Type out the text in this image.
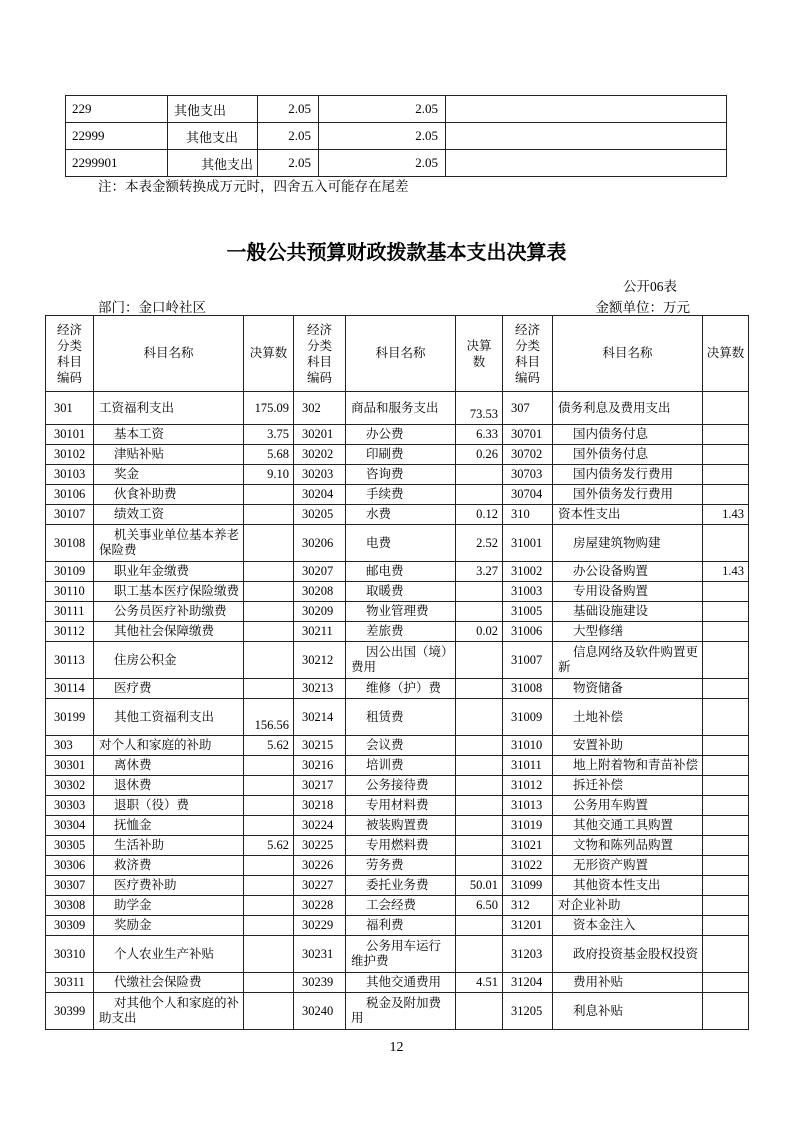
229	其他支出	2.05	2.05	
22999	其他支出	2.05	2.05	
2299901	其他支出	2.05	2.05	
注：本表金额转换成万元时，四舍五入可能存在尾差
一般公共预算财政拨款基本支出决算表
公开06表
部门：金口岭社区	金额单位：万元
经济分类科目编码	科目名称	决算数	经济分类科目编码	科目名称	决算数	经济分类科目编码	科目名称	决算数
301	工资福利支出	175.09	302	商品和服务支出	73.53	307	债务利息及费用支出	
30101	基本工资	3.75	30201	办公费	6.33	30701	国内债务付息	
30102	津贴补贴	5.68	30202	印刷费	0.26	30702	国外债务付息	
30103	奖金	9.10	30203	咨询费		30703	国内债务发行费用	
30106	伙食补助费		30204	手续费		30704	国外债务发行费用	
30107	绩效工资		30205	水费	0.12	310	资本性支出	1.43
30108	机关事业单位基本养老保险费		30206	电费	2.52	31001	房屋建筑物购建	
30109	职业年金缴费		30207	邮电费	3.27	31002	办公设备购置	1.43
30110	职工基本医疗保险缴费		30208	取暖费		31003	专用设备购置	
30111	公务员医疗补助缴费		30209	物业管理费		31005	基础设施建设	
30112	其他社会保障缴费		30211	差旅费	0.02	31006	大型修缮	
30113	住房公积金		30212	因公出国（境）费用		31007	信息网络及软件购置更新	
30114	医疗费		30213	维修（护）费		31008	物资储备	
30199	其他工资福利支出	156.56	30214	租赁费		31009	土地补偿	
303	对个人和家庭的补助	5.62	30215	会议费		31010	安置补助	
30301	离休费		30216	培训费		31011	地上附着物和青苗补偿	
30302	退休费		30217	公务接待费		31012	拆迁补偿	
30303	退职（役）费		30218	专用材料费		31013	公务用车购置	
30304	抚恤金		30224	被装购置费		31019	其他交通工具购置	
30305	生活补助	5.62	30225	专用燃料费		31021	文物和陈列品购置	
30306	救济费		30226	劳务费		31022	无形资产购置	
30307	医疗费补助		30227	委托业务费	50.01	31099	其他资本性支出	
30308	助学金		30228	工会经费	6.50	312	对企业补助	
30309	奖励金		30229	福利费		31201	资本金注入	
30310	个人农业生产补贴		30231	公务用车运行维护费		31203	政府投资基金股权投资	
30311	代缴社会保险费		30239	其他交通费用	4.51	31204	费用补贴	
30399	对其他个人和家庭的补助支出		30240	税金及附加费用		31205	利息补贴	
12
